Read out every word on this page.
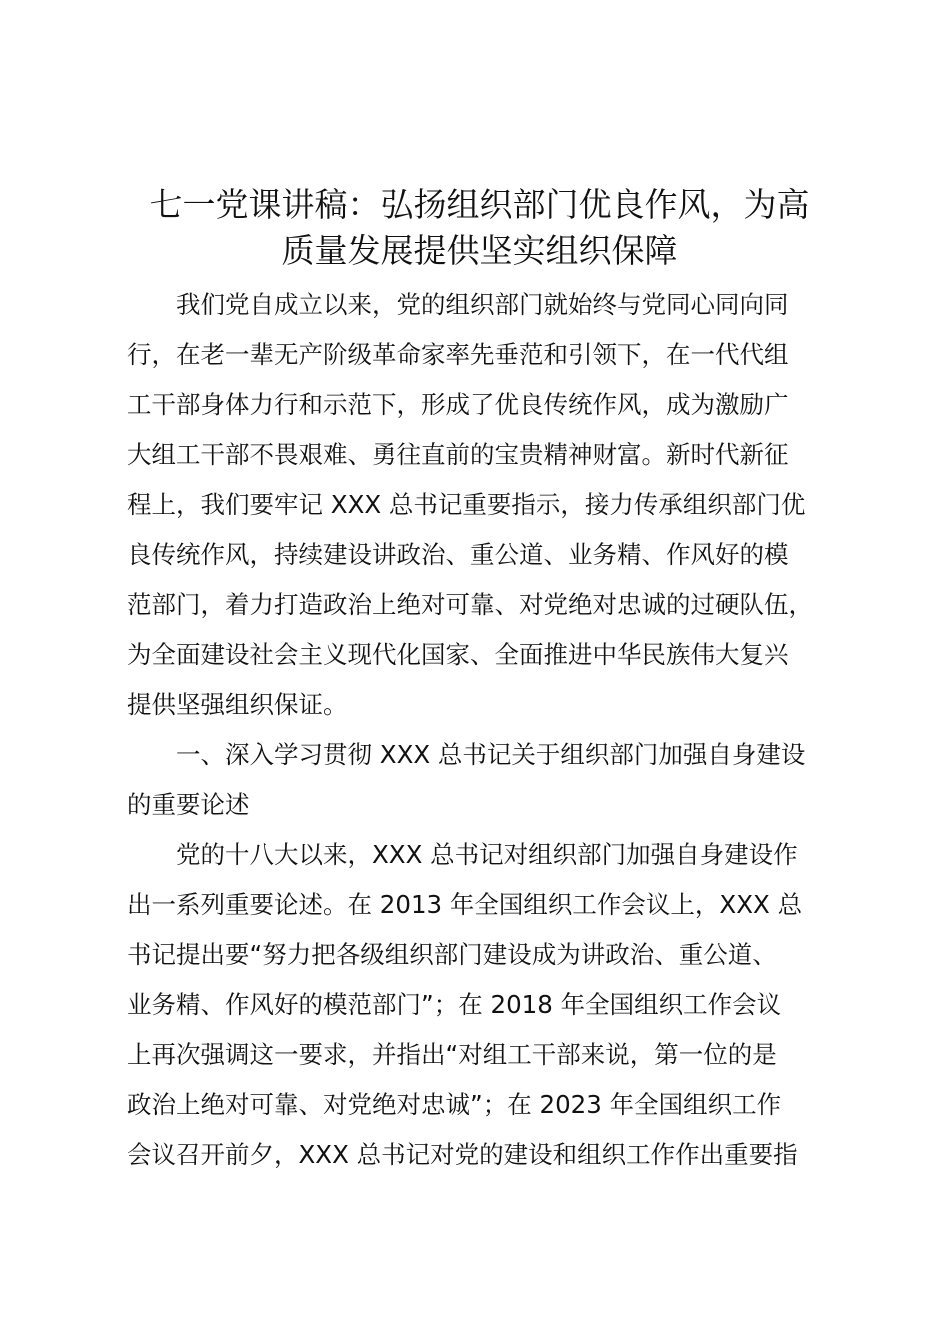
七一党课讲稿：弘扬组织部门优良作风，为高
质量发展提供坚实组织保障
我们党自成立以来，党的组织部门就始终与党同心同向同
行，在老一辈无产阶级革命家率先垂范和引领下，在一代代组
工干部身体力行和示范下，形成了优良传统作风，成为激励广
大组工干部不畏艰难、勇往直前的宝贵精神财富。新时代新征
程上，我们要牢记 XXX 总书记重要指示，接力传承组织部门优
良传统作风，持续建设讲政治、重公道、业务精、作风好的模
范部门，着力打造政治上绝对可靠、对党绝对忠诚的过硬队伍，
为全面建设社会主义现代化国家、全面推进中华民族伟大复兴
提供坚强组织保证。
一、深入学习贯彻 XXX 总书记关于组织部门加强自身建设
的重要论述
党的十八大以来，XXX 总书记对组织部门加强自身建设作
出一系列重要论述。在 2013 年全国组织工作会议上，XXX 总
书记提出要“努力把各级组织部门建设成为讲政治、重公道、
业务精、作风好的模范部门”；在 2018 年全国组织工作会议
上再次强调这一要求，并指出“对组工干部来说，第一位的是
政治上绝对可靠、对党绝对忠诚”；在 2023 年全国组织工作
会议召开前夕，XXX 总书记对党的建设和组织工作作出重要指
